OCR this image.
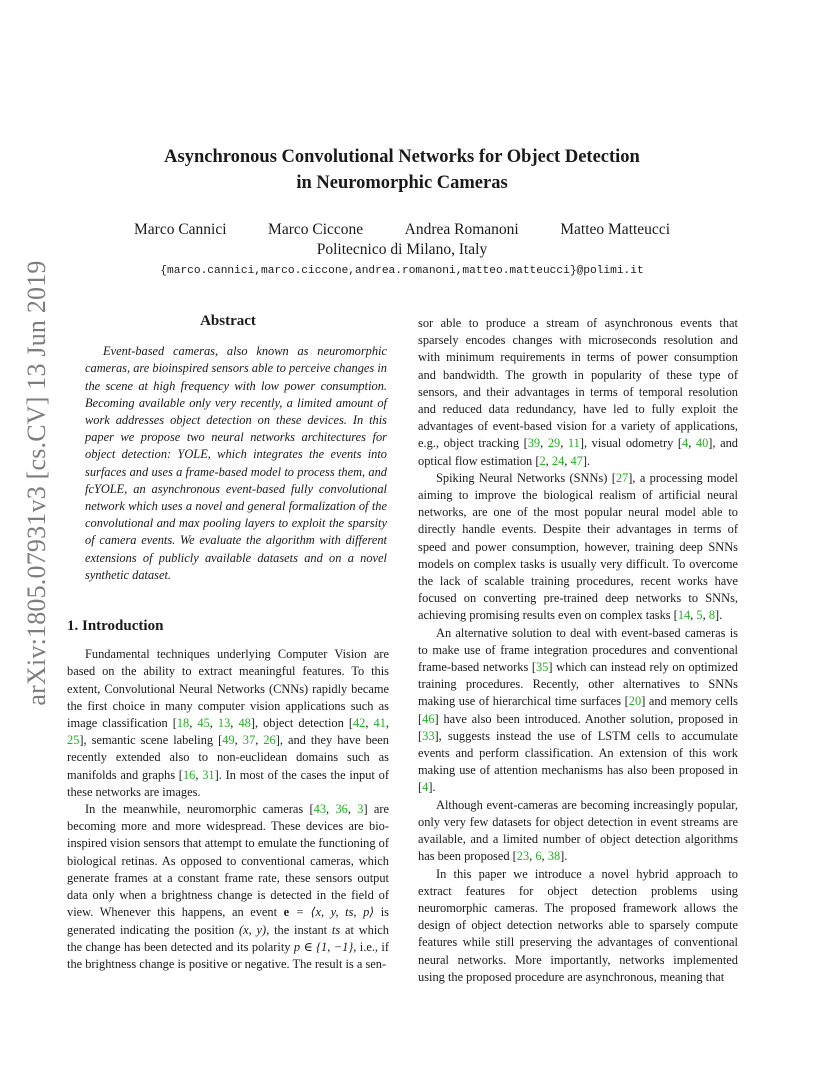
arXiv:1805.07931v3 [cs.CV] 13 Jun 2019
Asynchronous Convolutional Networks for Object Detection
in Neuromorphic Cameras
Marco Cannici	Marco Ciccone	Andrea Romanoni	Matteo Matteucci
Politecnico di Milano, Italy
{marco.cannici,marco.ciccone,andrea.romanoni,matteo.matteucci}@polimi.it
Abstract

Event-based cameras, also known as neuromorphic cameras, are bioinspired sensors able to perceive changes in the scene at high frequency with low power consumption. Becoming available only very recently, a limited amount of work addresses object detection on these devices. In this paper we propose two neural networks architectures for object detection: YOLE, which integrates the events into surfaces and uses a frame-based model to process them, and fcYOLE, an asynchronous event-based fully convolutional network which uses a novel and general formalization of the convolutional and max pooling layers to exploit the sparsity of camera events. We evaluate the algorithm with different extensions of publicly available datasets and on a novel synthetic dataset.

1. Introduction

Fundamental techniques underlying Computer Vision are based on the ability to extract meaningful features. To this extent, Convolutional Neural Networks (CNNs) rapidly became the first choice in many computer vision applications such as image classification [18, 45, 13, 48], object detection [42, 41, 25], semantic scene labeling [49, 37, 26], and they have been recently extended also to non-euclidean domains such as manifolds and graphs [16, 31]. In most of the cases the input of these networks are images.

In the meanwhile, neuromorphic cameras [43, 36, 3] are becoming more and more widespread. These devices are bio-inspired vision sensors that attempt to emulate the functioning of biological retinas. As opposed to conventional cameras, which generate frames at a constant frame rate, these sensors output data only when a brightness change is detected in the field of view. Whenever this happens, an event e = ⟨x, y, ts, p⟩ is generated indicating the position (x, y), the instant ts at which the change has been detected and its polarity p ∈ {1, −1}, i.e., if the brightness change is positive or negative. The result is a sen-

sor able to produce a stream of asynchronous events that sparsely encodes changes with microseconds resolution and with minimum requirements in terms of power consumption and bandwidth. The growth in popularity of these type of sensors, and their advantages in terms of temporal resolution and reduced data redundancy, have led to fully exploit the advantages of event-based vision for a variety of applications, e.g., object tracking [39, 29, 11], visual odometry [4, 40], and optical flow estimation [2, 24, 47].

Spiking Neural Networks (SNNs) [27], a processing model aiming to improve the biological realism of artificial neural networks, are one of the most popular neural model able to directly handle events. Despite their advantages in terms of speed and power consumption, however, training deep SNNs models on complex tasks is usually very difficult. To overcome the lack of scalable training procedures, recent works have focused on converting pre-trained deep networks to SNNs, achieving promising results even on complex tasks [14, 5, 8].

An alternative solution to deal with event-based cameras is to make use of frame integration procedures and conventional frame-based networks [35] which can instead rely on optimized training procedures. Recently, other alternatives to SNNs making use of hierarchical time surfaces [20] and memory cells [46] have also been introduced. Another solution, proposed in [33], suggests instead the use of LSTM cells to accumulate events and perform classification. An extension of this work making use of attention mechanisms has also been proposed in [4].

Although event-cameras are becoming increasingly popular, only very few datasets for object detection in event streams are available, and a limited number of object detection algorithms has been proposed [23, 6, 38].

In this paper we introduce a novel hybrid approach to extract features for object detection problems using neuromorphic cameras. The proposed framework allows the design of object detection networks able to sparsely compute features while still preserving the advantages of conventional neural networks. More importantly, networks implemented using the proposed procedure are asynchronous, meaning that
